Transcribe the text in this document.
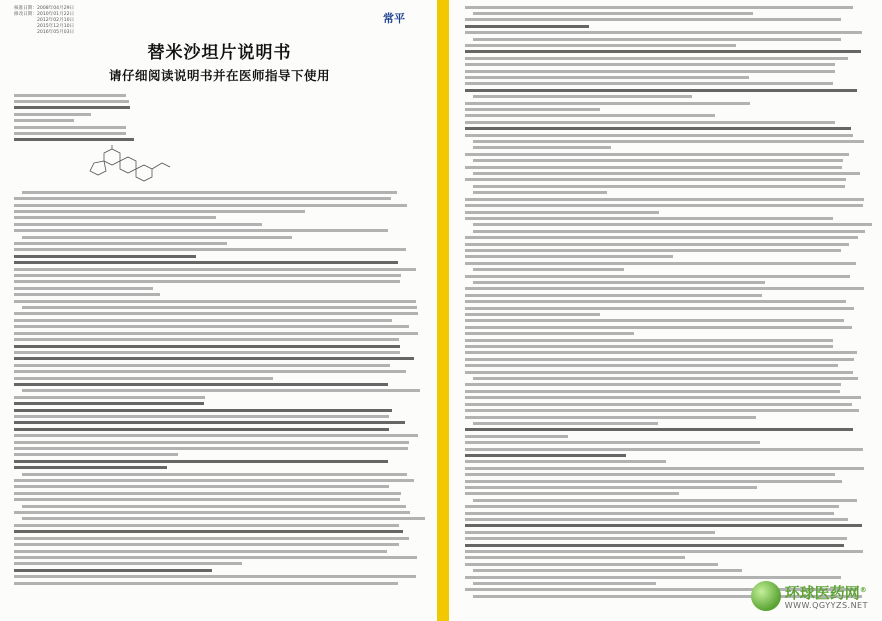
核准日期：2008年04月29日
修改日期：2010年01月22日
　　　　　2012年02月10日
　　　　　2015年12月10日
　　　　　2016年05月03日
常平
替米沙坦片说明书
请仔细阅读说明书并在医师指导下使用
环球医药网®
WWW.QGYYZS.NET
